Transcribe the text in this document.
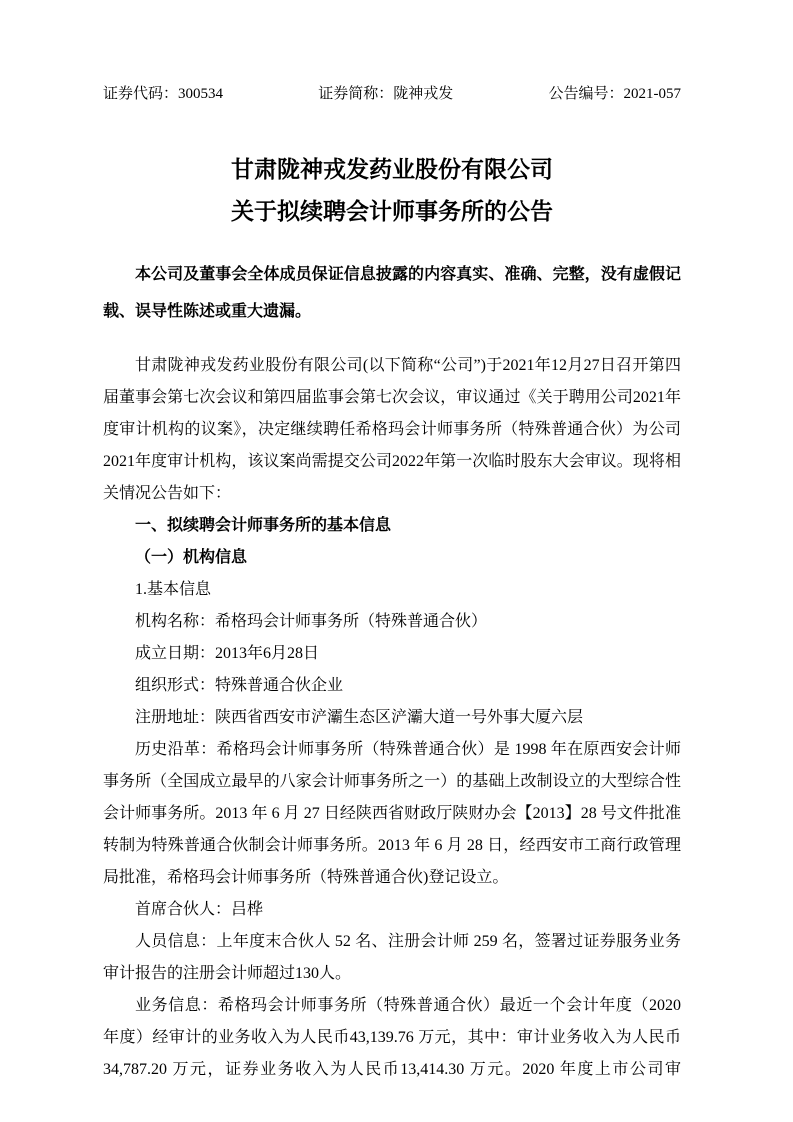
证券代码：300534	证券简称：陇神戎发	公告编号：2021-057
甘肃陇神戎发药业股份有限公司
关于拟续聘会计师事务所的公告

本公司及董事会全体成员保证信息披露的内容真实、准确、完整，没有虚假记载、误导性陈述或重大遗漏。

甘肃陇神戎发药业股份有限公司(以下简称“公司”)于2021年12月27日召开第四届董事会第七次会议和第四届监事会第七次会议，审议通过《关于聘用公司2021年度审计机构的议案》，决定继续聘任希格玛会计师事务所（特殊普通合伙）为公司2021年度审计机构，该议案尚需提交公司2022年第一次临时股东大会审议。现将相关情况公告如下：

一、拟续聘会计师事务所的基本信息
（一）机构信息

1.基本信息

机构名称：希格玛会计师事务所（特殊普通合伙）

成立日期：2013年6月28日

组织形式：特殊普通合伙企业

注册地址：陕西省西安市浐灞生态区浐灞大道一号外事大厦六层

历史沿革：希格玛会计师事务所（特殊普通合伙）是 1998 年在原西安会计师事务所（全国成立最早的八家会计师事务所之一）的基础上改制设立的大型综合性会计师事务所。2013 年 6 月 27 日经陕西省财政厅陕财办会【2013】28 号文件批准转制为特殊普通合伙制会计师事务所。2013 年 6 月 28 日，经西安市工商行政管理局批准，希格玛会计师事务所（特殊普通合伙)登记设立。

首席合伙人：吕桦

人员信息：上年度末合伙人 52 名、注册会计师 259 名，签署过证券服务业务审计报告的注册会计师超过130人。

业务信息：希格玛会计师事务所（特殊普通合伙）最近一个会计年度（2020 年度）经审计的业务收入为人民币43,139.76 万元，其中：审计业务收入为人民币34,787.20 万元，证券业务收入为人民币13,414.30 万元。2020 年度上市公司审
